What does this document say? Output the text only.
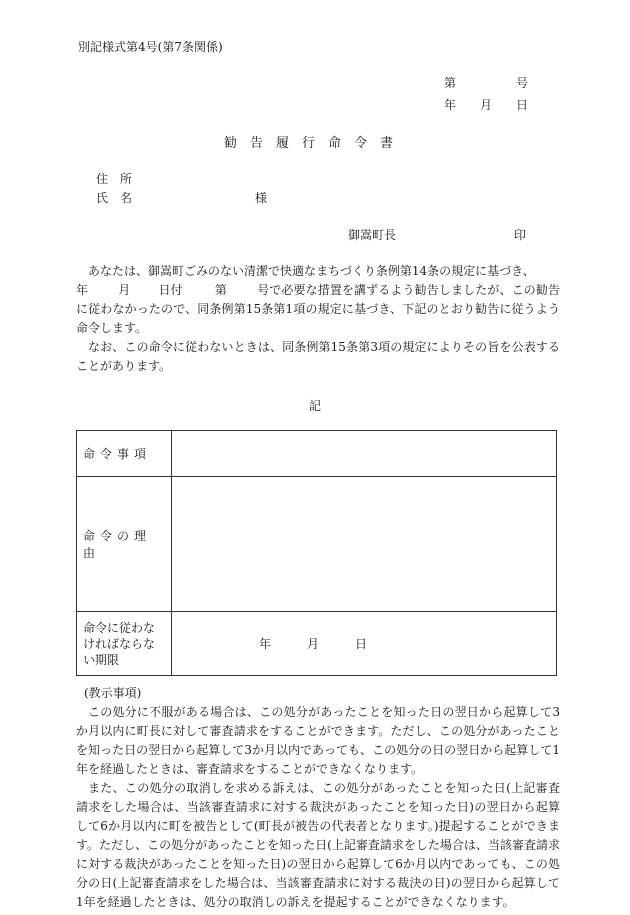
別記様式第4号(第7条関係)
第	号
年 月 日
勧告履行命令書
住　所
氏　名	様
御嵩町長	印

あなたは、御嵩町ごみのない清潔で快適なまちづくり条例第14条の規定に基づき、

年	月 日付	第	号で必要な措置を講ずるよう勧告しましたが、この勧告に従わなかったので、同条例第15条第1項の規定に基づき、下記のとおり勧告に従うよう命令します。

なお、この命令に従わないときは、同条例第15条第3項の規定によりその旨を公表することがあります。

記
命令事項	
命令の理由	
命令に従わなければならない期限	年 月 日

(教示事項)

この処分に不服がある場合は、この処分があったことを知った日の翌日から起算して3か月以内に町長に対して審査請求をすることができます。ただし、この処分があったことを知った日の翌日から起算して3か月以内であっても、この処分の日の翌日から起算して1年を経過したときは、審査請求をすることができなくなります。

また、この処分の取消しを求める訴えは、この処分があったことを知った日(上記審査請求をした場合は、当該審査請求に対する裁決があったことを知った日)の翌日から起算して6か月以内に町を被告として(町長が被告の代表者となります。)提起することができます。ただし、この処分があったことを知った日(上記審査請求をした場合は、当該審査請求に対する裁決があったことを知った日)の翌日から起算して6か月以内であっても、この処分の日(上記審査請求をした場合は、当該審査請求に対する裁決の日)の翌日から起算して1年を経過したときは、処分の取消しの訴えを提起することができなくなります。
